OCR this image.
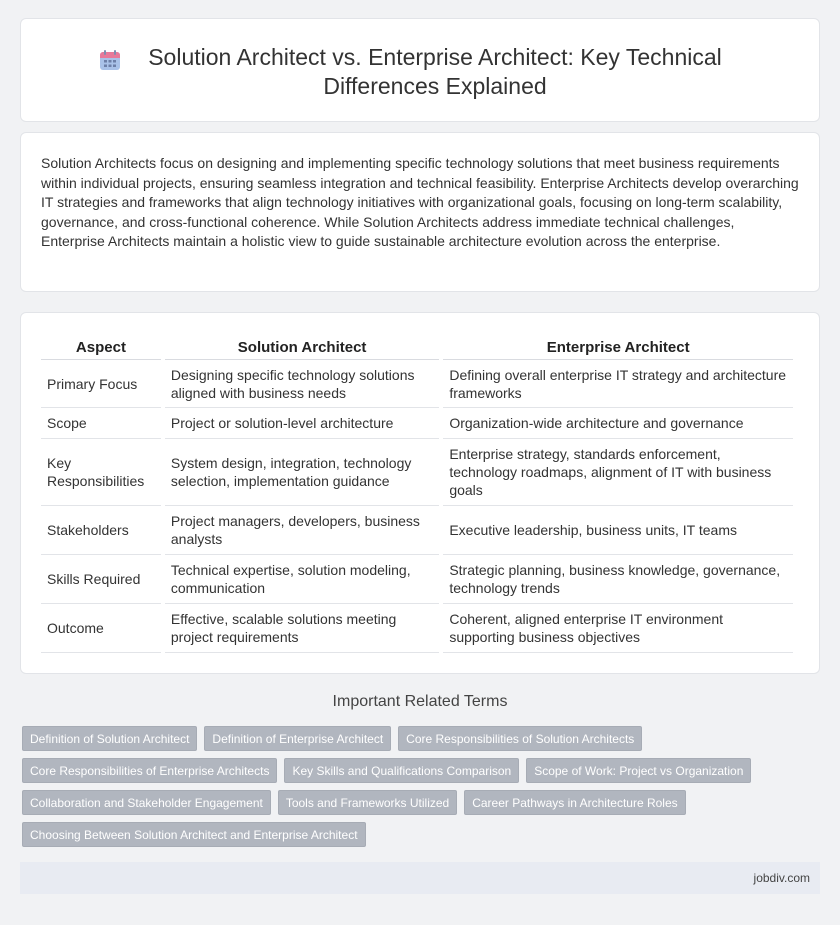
Solution Architect vs. Enterprise Architect: Key Technical Differences Explained

Solution Architects focus on designing and implementing specific technology solutions that meet business requirements within individual projects, ensuring seamless integration and technical feasibility. Enterprise Architects develop overarching IT strategies and frameworks that align technology initiatives with organizational goals, focusing on long-term scalability, governance, and cross-functional coherence. While Solution Architects address immediate technical challenges, Enterprise Architects maintain a holistic view to guide sustainable architecture evolution across the enterprise.

Aspect	Solution Architect	Enterprise Architect
Primary Focus	Designing specific technology solutions aligned with business needs	Defining overall enterprise IT strategy and architecture frameworks
Scope	Project or solution-level architecture	Organization-wide architecture and governance
Key Responsibilities	System design, integration, technology selection, implementation guidance	Enterprise strategy, standards enforcement, technology roadmaps, alignment of IT with business goals
Stakeholders	Project managers, developers, business analysts	Executive leadership, business units, IT teams
Skills Required	Technical expertise, solution modeling, communication	Strategic planning, business knowledge, governance, technology trends
Outcome	Effective, scalable solutions meeting project requirements	Coherent, aligned enterprise IT environment supporting business objectives
Important Related Terms
Definition of Solution Architect	Definition of Enterprise Architect	Core Responsibilities of Solution Architects
Core Responsibilities of Enterprise Architects	Key Skills and Qualifications Comparison	Scope of Work: Project vs Organization
Collaboration and Stakeholder Engagement	Tools and Frameworks Utilized	Career Pathways in Architecture Roles
Choosing Between Solution Architect and Enterprise Architect
jobdiv.com
